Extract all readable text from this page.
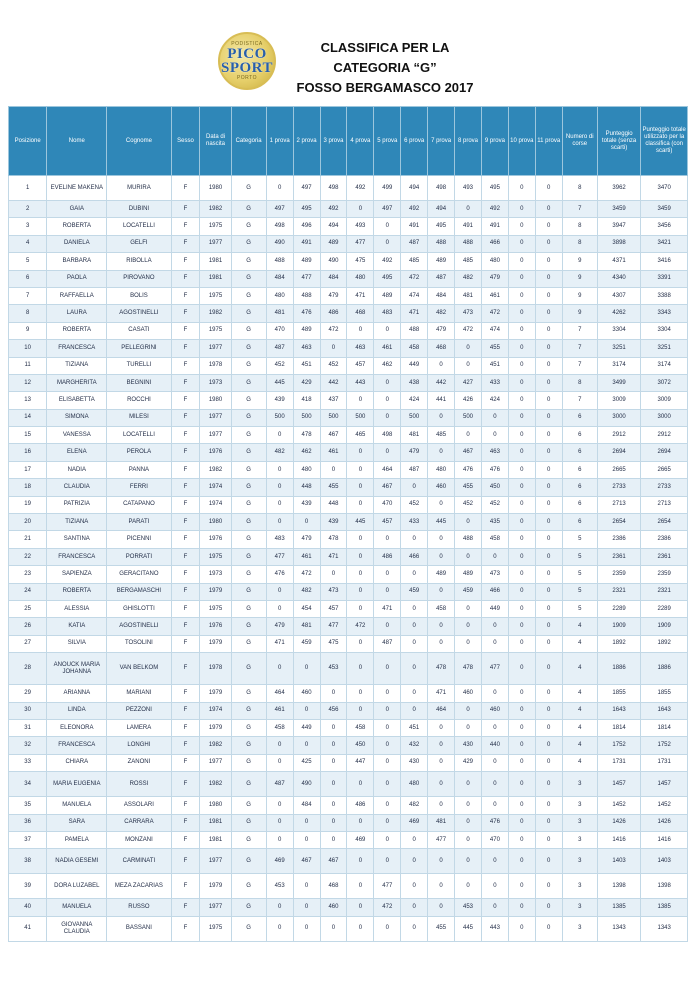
PODISTICA
PICO
SPORT
PORTO
CLASSIFICA PER LA
CATEGORIA “G”
FOSSO BERGAMASCO 2017
Posizione	Nome	Cognome	Sesso	Data di nascita	Categoria	1 prova	2 prova	3 prova	4 prova	5 prova	6 prova	7 prova	8 prova	9 prova	10 prova	11 prova	Numero di corse	Punteggio totale (senza scarti)	Punteggio totale utilizzato per la classifica (con scarti)
1	EVELINE MAKENA	MURIRA	F	1980	G	0	497	498	492	499	494	498	493	495	0	0	8	3962	3470
2	GAIA	DUBINI	F	1982	G	497	495	492	0	497	492	494	0	492	0	0	7	3459	3459
3	ROBERTA	LOCATELLI	F	1975	G	498	496	494	493	0	491	495	491	491	0	0	8	3947	3456
4	DANIELA	GELFI	F	1977	G	490	491	489	477	0	487	488	488	466	0	0	8	3898	3421
5	BARBARA	RIBOLLA	F	1981	G	488	489	490	475	492	485	489	485	480	0	0	9	4371	3416
6	PAOLA	PIROVANO	F	1981	G	484	477	484	480	495	472	487	482	479	0	0	9	4340	3391
7	RAFFAELLA	BOLIS	F	1975	G	480	488	479	471	489	474	484	481	461	0	0	9	4307	3388
8	LAURA	AGOSTINELLI	F	1982	G	481	476	486	468	483	471	482	473	472	0	0	9	4262	3343
9	ROBERTA	CASATI	F	1975	G	470	489	472	0	0	488	479	472	474	0	0	7	3304	3304
10	FRANCESCA	PELLEGRINI	F	1977	G	487	463	0	463	461	458	468	0	455	0	0	7	3251	3251
11	TIZIANA	TURELLI	F	1978	G	452	451	452	457	462	449	0	0	451	0	0	7	3174	3174
12	MARGHERITA	BEGNINI	F	1973	G	445	429	442	443	0	438	442	427	433	0	0	8	3499	3072
13	ELISABETTA	ROCCHI	F	1980	G	439	418	437	0	0	424	441	426	424	0	0	7	3009	3009
14	SIMONA	MILESI	F	1977	G	500	500	500	500	0	500	0	500	0	0	0	6	3000	3000
15	VANESSA	LOCATELLI	F	1977	G	0	478	467	465	498	481	485	0	0	0	0	6	2912	2912
16	ELENA	PEROLA	F	1976	G	482	462	461	0	0	479	0	467	463	0	0	6	2694	2694
17	NADIA	PANNA	F	1982	G	0	480	0	0	464	487	480	476	476	0	0	6	2665	2665
18	CLAUDIA	FERRI	F	1974	G	0	448	455	0	467	0	460	455	450	0	0	6	2733	2733
19	PATRIZIA	CATAPANO	F	1974	G	0	439	448	0	470	452	0	452	452	0	0	6	2713	2713
20	TIZIANA	PARATI	F	1980	G	0	0	439	445	457	433	445	0	435	0	0	6	2654	2654
21	SANTINA	PICENNI	F	1976	G	483	479	478	0	0	0	0	488	458	0	0	5	2386	2386
22	FRANCESCA	PORRATI	F	1975	G	477	461	471	0	486	466	0	0	0	0	0	5	2361	2361
23	SAPIENZA	GERACITANO	F	1973	G	476	472	0	0	0	0	489	489	473	0	0	5	2359	2359
24	ROBERTA	BERGAMASCHI	F	1979	G	0	482	473	0	0	459	0	459	466	0	0	5	2321	2321
25	ALESSIA	GHISLOTTI	F	1975	G	0	454	457	0	471	0	458	0	449	0	0	5	2289	2289
26	KATIA	AGOSTINELLI	F	1976	G	479	481	477	472	0	0	0	0	0	0	0	4	1909	1909
27	SILVIA	TOSOLINI	F	1979	G	471	459	475	0	487	0	0	0	0	0	0	4	1892	1892
28	ANOUCK MARIA JOHANNA	VAN BELKOM	F	1978	G	0	0	453	0	0	0	478	478	477	0	0	4	1886	1886
29	ARIANNA	MARIANI	F	1979	G	464	460	0	0	0	0	471	460	0	0	0	4	1855	1855
30	LINDA	PEZZONI	F	1974	G	461	0	456	0	0	0	464	0	460	0	0	4	1643	1643
31	ELEONORA	LAMERA	F	1979	G	458	449	0	458	0	451	0	0	0	0	0	4	1814	1814
32	FRANCESCA	LONGHI	F	1982	G	0	0	0	450	0	432	0	430	440	0	0	4	1752	1752
33	CHIARA	ZANONI	F	1977	G	0	425	0	447	0	430	0	429	0	0	0	4	1731	1731
34	MARIA EUGENIA	ROSSI	F	1982	G	487	490	0	0	0	480	0	0	0	0	0	3	1457	1457
35	MANUELA	ASSOLARI	F	1980	G	0	484	0	486	0	482	0	0	0	0	0	3	1452	1452
36	SARA	CARRARA	F	1981	G	0	0	0	0	0	469	481	0	476	0	0	3	1426	1426
37	PAMELA	MONZANI	F	1981	G	0	0	0	469	0	0	477	0	470	0	0	3	1416	1416
38	NADIA GESEMI	CARMINATI	F	1977	G	469	467	467	0	0	0	0	0	0	0	0	3	1403	1403
39	DORA LUZABEL	MEZA ZACARIAS	F	1979	G	453	0	468	0	477	0	0	0	0	0	0	3	1398	1398
40	MANUELA	RUSSO	F	1977	G	0	0	460	0	472	0	0	453	0	0	0	3	1385	1385
41	GIOVANNA CLAUDIA	BASSANI	F	1975	G	0	0	0	0	0	0	455	445	443	0	0	3	1343	1343
